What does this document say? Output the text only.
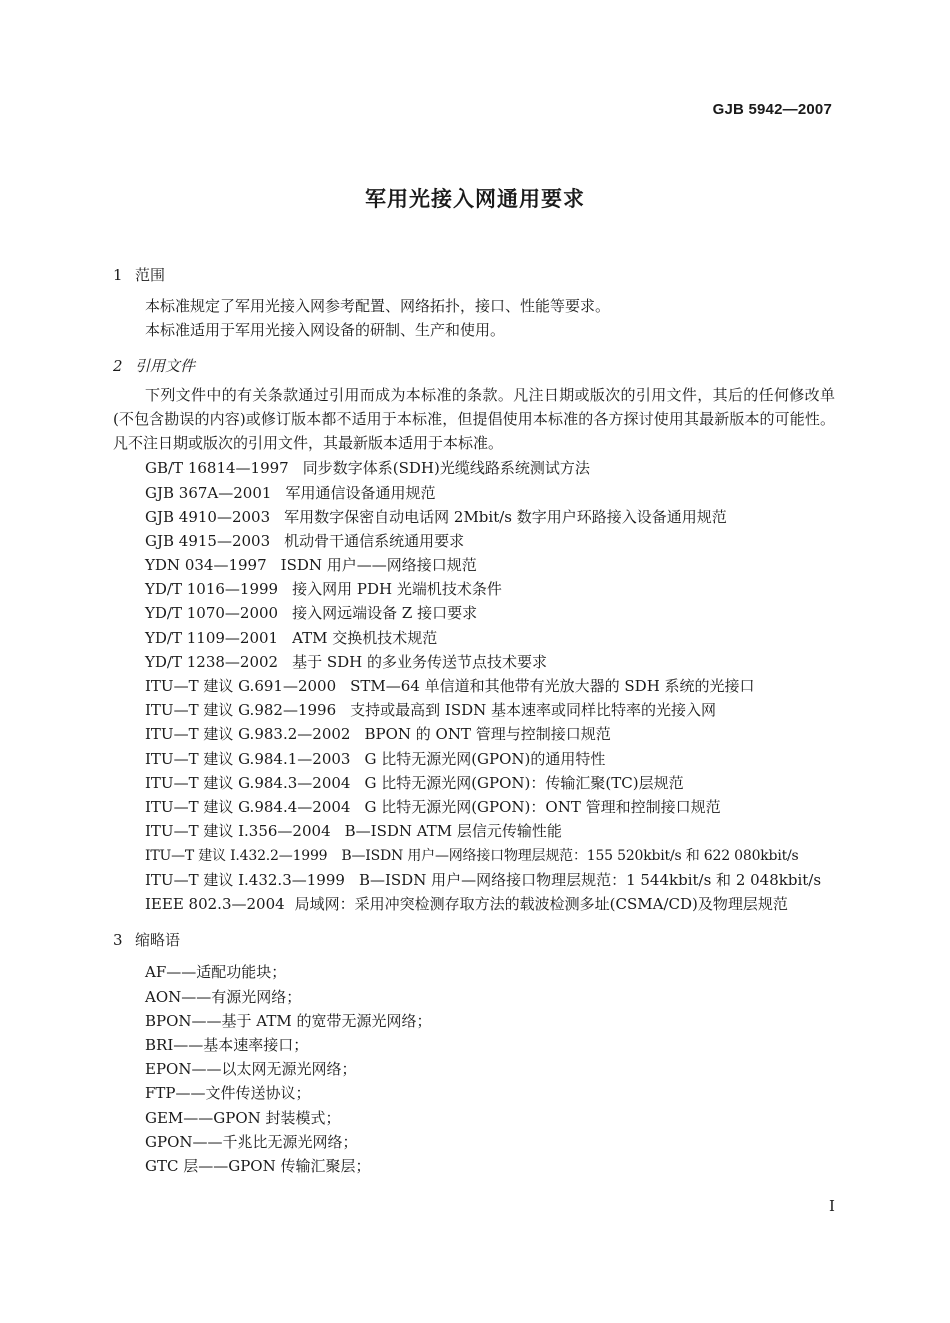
GJB 5942—2007
军用光接入网通用要求
1 范围
本标准规定了军用光接入网参考配置、网络拓扑，接口、性能等要求。
本标准适用于军用光接入网设备的研制、生产和使用。
2 引用文件
下列文件中的有关条款通过引用而成为本标准的条款。凡注日期或版次的引用文件，其后的任何修改单(不包含勘误的内容)或修订版本都不适用于本标准，但提倡使用本标准的各方探讨使用其最新版本的可能性。凡不注日期或版次的引用文件，其最新版本适用于本标准。
GB/T 16814—1997 同步数字体系(SDH)光缆线路系统测试方法
GJB 367A—2001 军用通信设备通用规范
GJB 4910—2003 军用数字保密自动电话网 2Mbit/s 数字用户环路接入设备通用规范
GJB 4915—2003 机动骨干通信系统通用要求
YDN 034—1997 ISDN 用户——网络接口规范
YD/T 1016—1999 接入网用 PDH 光端机技术条件
YD/T 1070—2000 接入网远端设备 Z 接口要求
YD/T 1109—2001 ATM 交换机技术规范
YD/T 1238—2002 基于 SDH 的多业务传送节点技术要求
ITU—T 建议 G.691—2000 STM—64 单信道和其他带有光放大器的 SDH 系统的光接口
ITU—T 建议 G.982—1996 支持或最高到 ISDN 基本速率或同样比特率的光接入网
ITU—T 建议 G.983.2—2002 BPON 的 ONT 管理与控制接口规范
ITU—T 建议 G.984.1—2003 G 比特无源光网(GPON)的通用特性
ITU—T 建议 G.984.3—2004 G 比特无源光网(GPON)：传输汇聚(TC)层规范
ITU—T 建议 G.984.4—2004 G 比特无源光网(GPON)：ONT 管理和控制接口规范
ITU—T 建议 I.356—2004 B—ISDN ATM 层信元传输性能
ITU—T 建议 I.432.2—1999 B—ISDN 用户—网络接口物理层规范：155 520kbit/s 和 622 080kbit/s
ITU—T 建议 I.432.3—1999 B—ISDN 用户—网络接口物理层规范：1 544kbit/s 和 2 048kbit/s
IEEE 802.3—2004 局域网：采用冲突检测存取方法的载波检测多址(CSMA/CD)及物理层规范
3 缩略语
AF——适配功能块；
AON——有源光网络；
BPON——基于 ATM 的宽带无源光网络；
BRI——基本速率接口；
EPON——以太网无源光网络；
FTP——文件传送协议；
GEM——GPON 封装模式；
GPON——千兆比无源光网络；
GTC 层——GPON 传输汇聚层；
I
